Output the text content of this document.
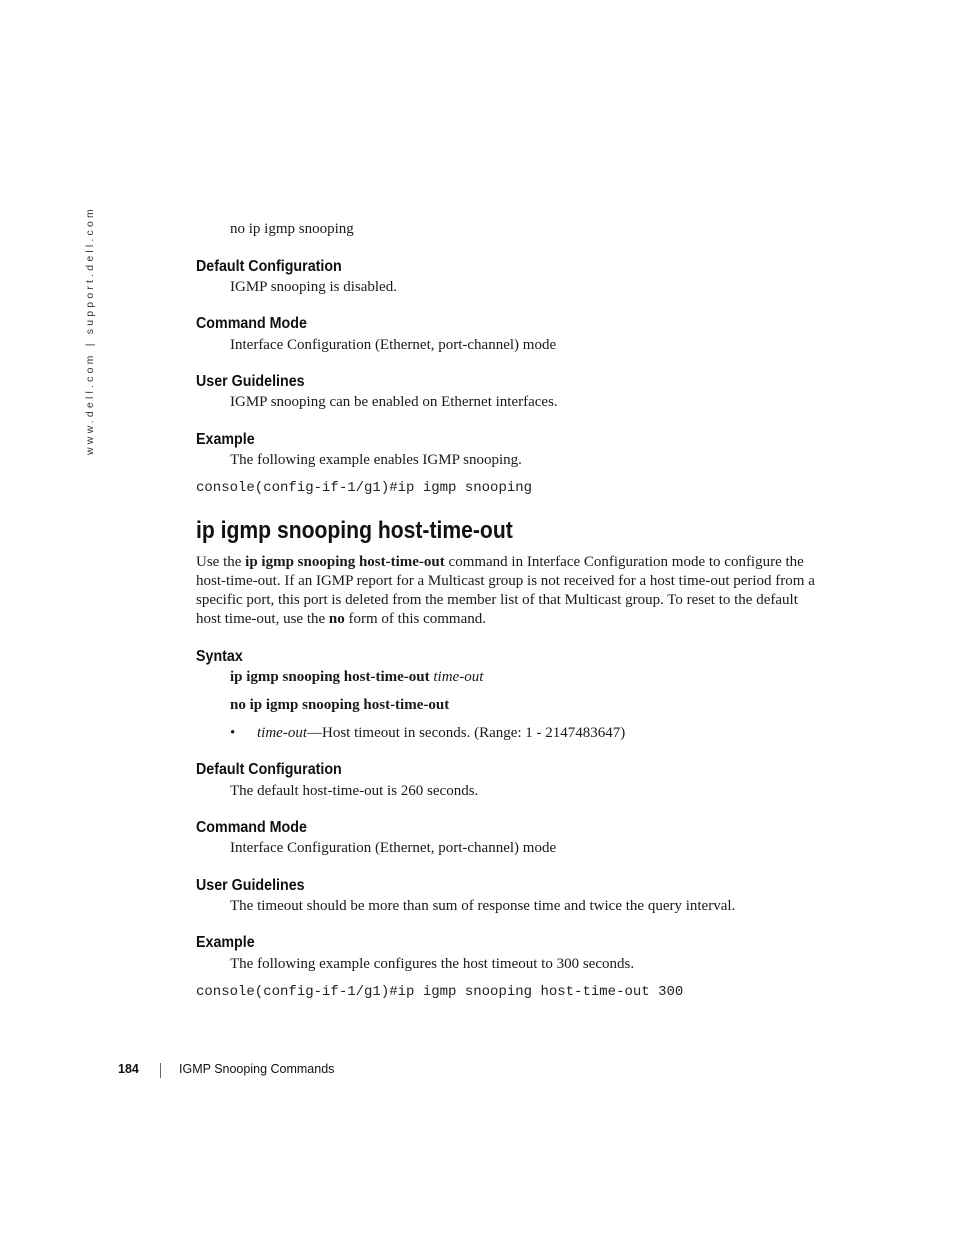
www.dell.com | support.dell.com	no ip igmp snooping
Default Configuration
IGMP snooping is disabled.
Command Mode
Interface Configuration (Ethernet, port-channel) mode
User Guidelines
IGMP snooping can be enabled on Ethernet interfaces.
Example
The following example enables IGMP snooping.
console(config-if-1/g1)#ip igmp snooping
ip igmp snooping host-time-out
Use the ip igmp snooping host-time-out command in Interface Configuration mode to configure the host-time-out. If an IGMP report for a Multicast group is not received for a host time-out period from a specific port, this port is deleted from the member list of that Multicast group. To reset to the default host time-out, use the no form of this command.
Syntax
ip igmp snooping host-time-out time-out
no ip igmp snooping host-time-out
• time-out—Host timeout in seconds. (Range: 1 - 2147483647)
Default Configuration
The default host-time-out is 260 seconds.
Command Mode
Interface Configuration (Ethernet, port-channel) mode
User Guidelines
The timeout should be more than sum of response time and twice the query interval.
Example
The following example configures the host timeout to 300 seconds.
console(config-if-1/g1)#ip igmp snooping host-time-out 300
184	IGMP Snooping Commands
